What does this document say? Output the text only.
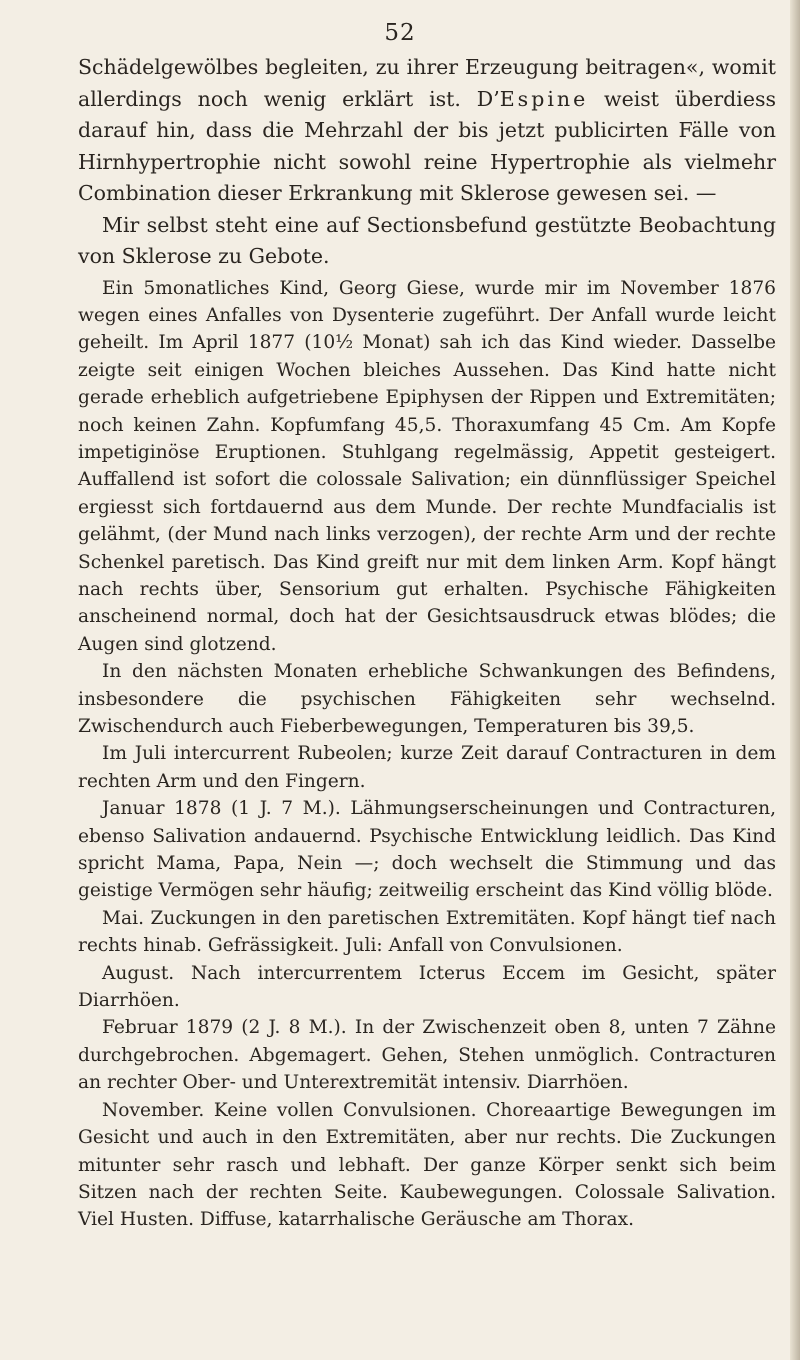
52

Schädelgewölbes begleiten, zu ihrer Erzeugung beitragen«, womit allerdings noch wenig erklärt ist. D’Espine weist überdiess darauf hin, dass die Mehrzahl der bis jetzt publicirten Fälle von Hirnhypertrophie nicht sowohl reine Hypertrophie als vielmehr Combination dieser Erkrankung mit Sklerose gewesen sei. —

Mir selbst steht eine auf Sectionsbefund gestützte Beobachtung von Sklerose zu Gebote.

Ein 5monatliches Kind, Georg Giese, wurde mir im November 1876 wegen eines Anfalles von Dysenterie zugeführt. Der Anfall wurde leicht geheilt. Im April 1877 (10½ Monat) sah ich das Kind wieder. Dasselbe zeigte seit einigen Wochen bleiches Aussehen. Das Kind hatte nicht gerade erheblich aufgetriebene Epiphysen der Rippen und Extremitäten; noch keinen Zahn. Kopfumfang 45,5. Thoraxumfang 45 Cm. Am Kopfe impetiginöse Eruptionen. Stuhlgang regelmässig, Appetit gesteigert. Auffallend ist sofort die colossale Salivation; ein dünnflüssiger Speichel ergiesst sich fortdauernd aus dem Munde. Der rechte Mundfacialis ist gelähmt, (der Mund nach links verzogen), der rechte Arm und der rechte Schenkel paretisch. Das Kind greift nur mit dem linken Arm. Kopf hängt nach rechts über, Sensorium gut erhalten. Psychische Fähigkeiten anscheinend normal, doch hat der Gesichtsausdruck etwas blödes; die Augen sind glotzend.

In den nächsten Monaten erhebliche Schwankungen des Befindens, insbesondere die psychischen Fähigkeiten sehr wechselnd. Zwischendurch auch Fieberbewegungen, Temperaturen bis 39,5.

Im Juli intercurrent Rubeolen; kurze Zeit darauf Contracturen in dem rechten Arm und den Fingern.

Januar 1878 (1 J. 7 M.). Lähmungserscheinungen und Contracturen, ebenso Salivation andauernd. Psychische Entwicklung leidlich. Das Kind spricht Mama, Papa, Nein —; doch wechselt die Stimmung und das geistige Vermögen sehr häufig; zeitweilig erscheint das Kind völlig blöde.

Mai. Zuckungen in den paretischen Extremitäten. Kopf hängt tief nach rechts hinab. Gefrässigkeit. Juli: Anfall von Convulsionen.

August. Nach intercurrentem Icterus Eccem im Gesicht, später Diarrhöen.

Februar 1879 (2 J. 8 M.). In der Zwischenzeit oben 8, unten 7 Zähne durchgebrochen. Abgemagert. Gehen, Stehen unmöglich. Contracturen an rechter Ober- und Unterextremität intensiv. Diarrhöen.

November. Keine vollen Convulsionen. Choreaartige Bewegungen im Gesicht und auch in den Extremitäten, aber nur rechts. Die Zuckungen mitunter sehr rasch und lebhaft. Der ganze Körper senkt sich beim Sitzen nach der rechten Seite. Kaubewegungen. Colossale Salivation. Viel Husten. Diffuse, katarrhalische Geräusche am Thorax.
